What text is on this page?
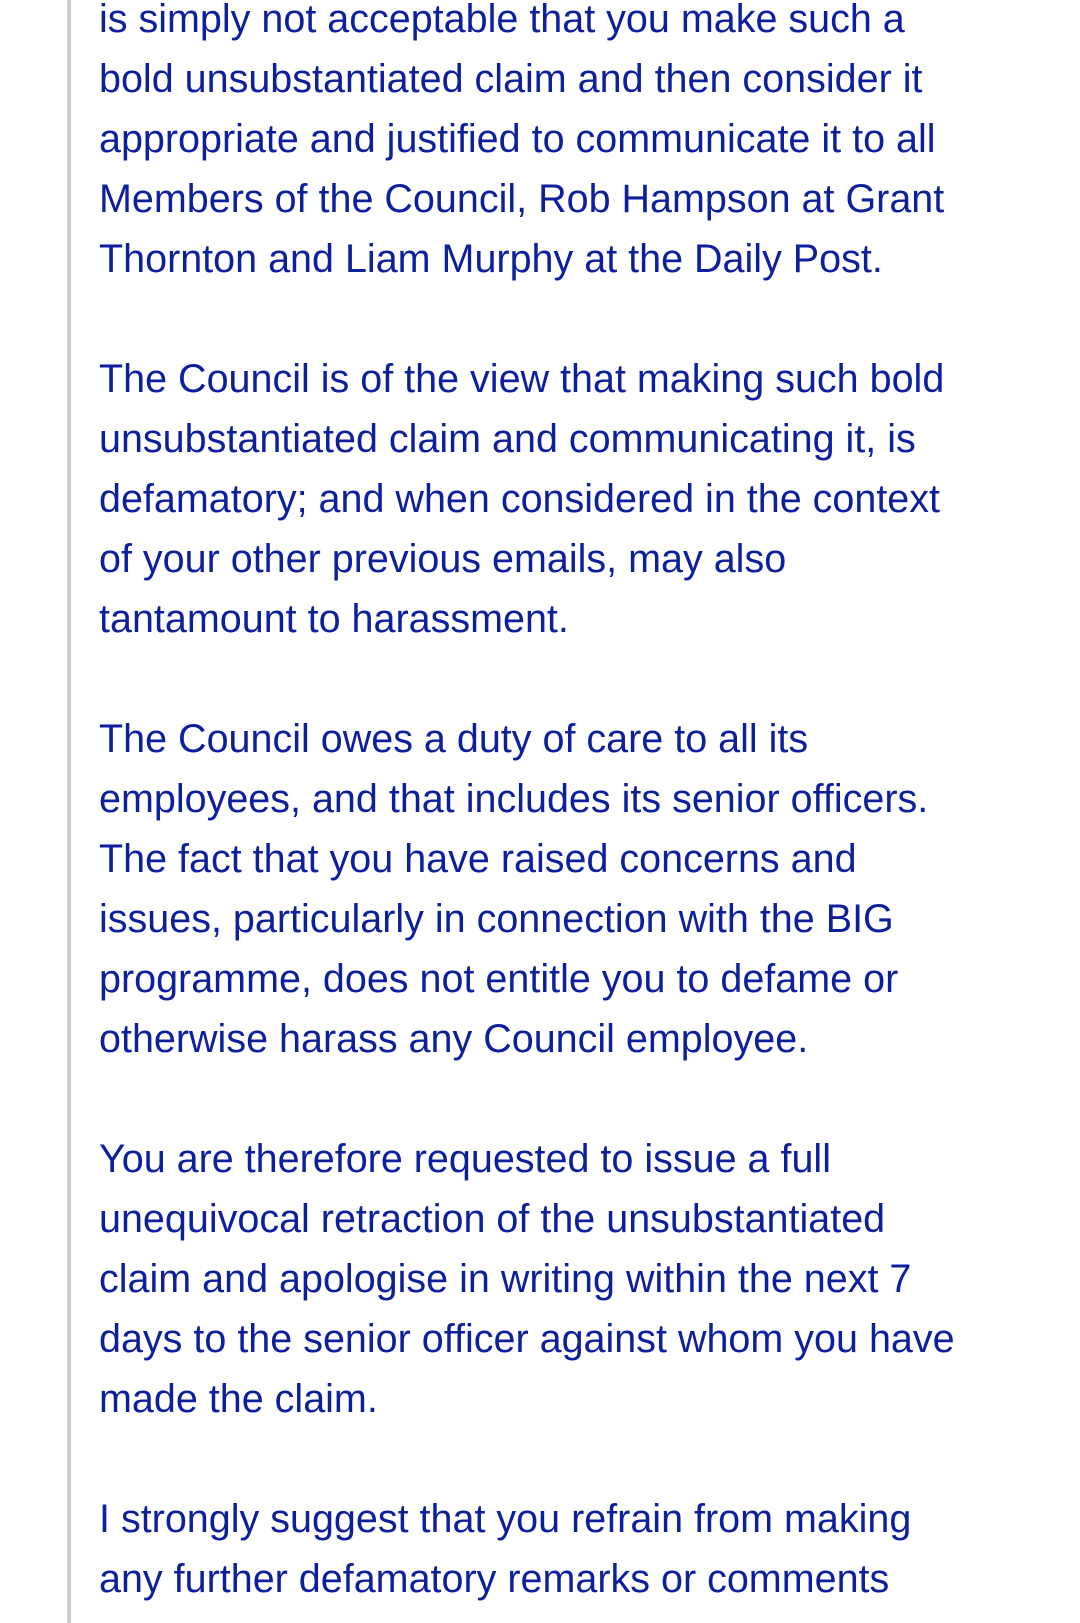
is simply not acceptable that you make such a
bold unsubstantiated claim and then consider it
appropriate and justified to communicate it to all
Members of the Council, Rob Hampson at Grant
Thornton and Liam Murphy at the Daily Post.

The Council is of the view that making such bold
unsubstantiated claim and communicating it, is
defamatory; and when considered in the context
of your other previous emails, may also
tantamount to harassment.

The Council owes a duty of care to all its
employees, and that includes its senior officers.
The fact that you have raised concerns and
issues, particularly in connection with the BIG
programme, does not entitle you to defame or
otherwise harass any Council employee.

You are therefore requested to issue a full
unequivocal retraction of the unsubstantiated
claim and apologise in writing within the next 7
days to the senior officer against whom you have
made the claim.

I strongly suggest that you refrain from making
any further defamatory remarks or comments
